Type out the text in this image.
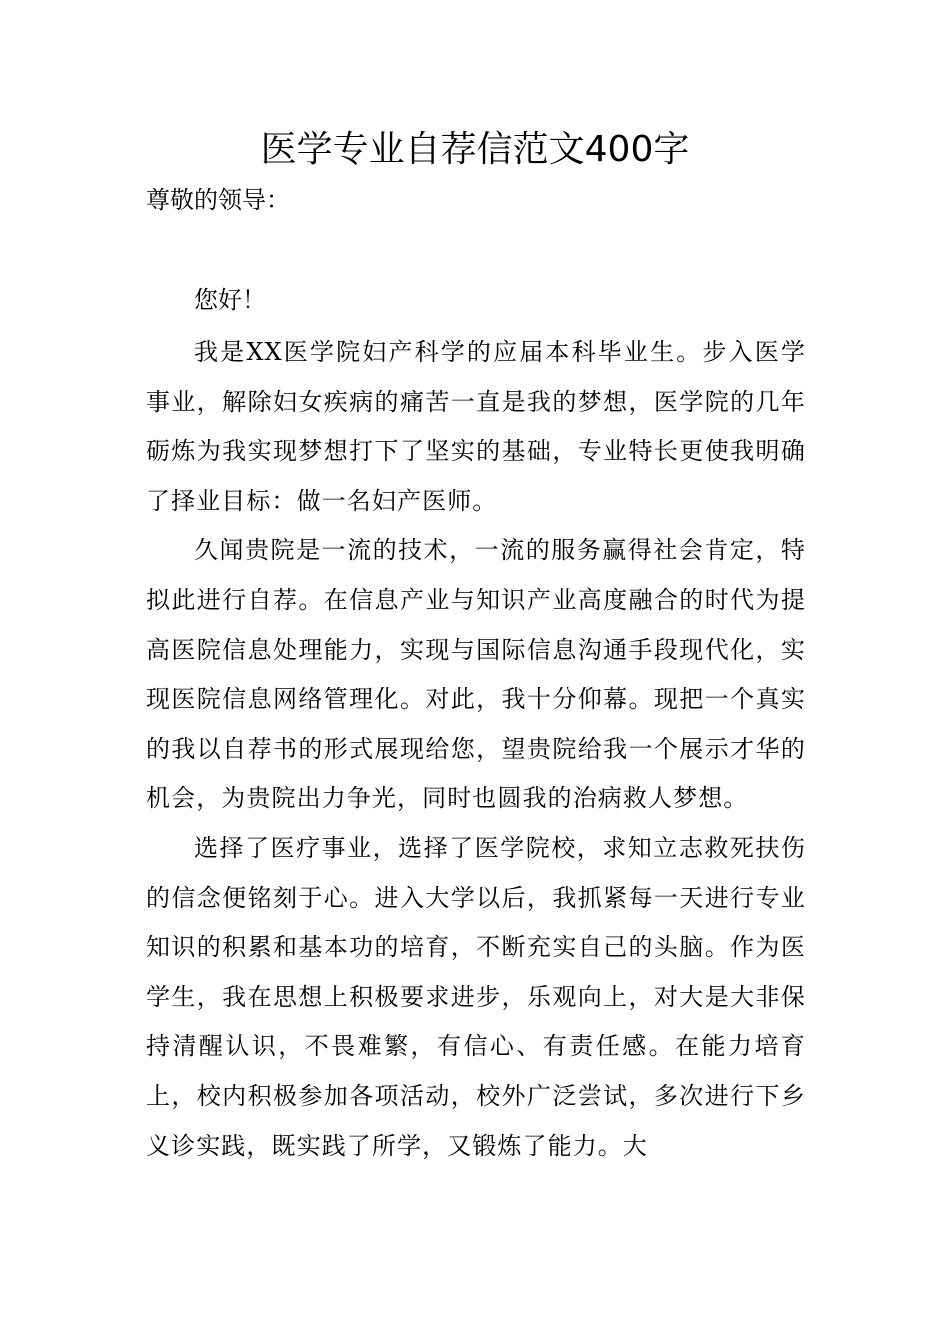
医学专业自荐信范文400字

尊敬的领导：

您好！

我是XX医学院妇产科学的应届本科毕业生。步入医学事业，解除妇女疾病的痛苦一直是我的梦想，医学院的几年砺炼为我实现梦想打下了坚实的基础，专业特长更使我明确了择业目标：做一名妇产医师。

久闻贵院是一流的技术，一流的服务赢得社会肯定，特拟此进行自荐。在信息产业与知识产业高度融合的时代为提高医院信息处理能力，实现与国际信息沟通手段现代化，实现医院信息网络管理化。对此，我十分仰幕。现把一个真实的我以自荐书的形式展现给您，望贵院给我一个展示才华的机会，为贵院出力争光，同时也圆我的治病救人梦想。

选择了医疗事业，选择了医学院校，求知立志救死扶伤的信念便铭刻于心。进入大学以后，我抓紧每一天进行专业知识的积累和基本功的培育，不断充实自己的头脑。作为医学生，我在思想上积极要求进步，乐观向上，对大是大非保持清醒认识，不畏难繁，有信心、有责任感。在能力培育上，校内积极参加各项活动，校外广泛尝试，多次进行下乡义诊实践，既实践了所学，又锻炼了能力。大
